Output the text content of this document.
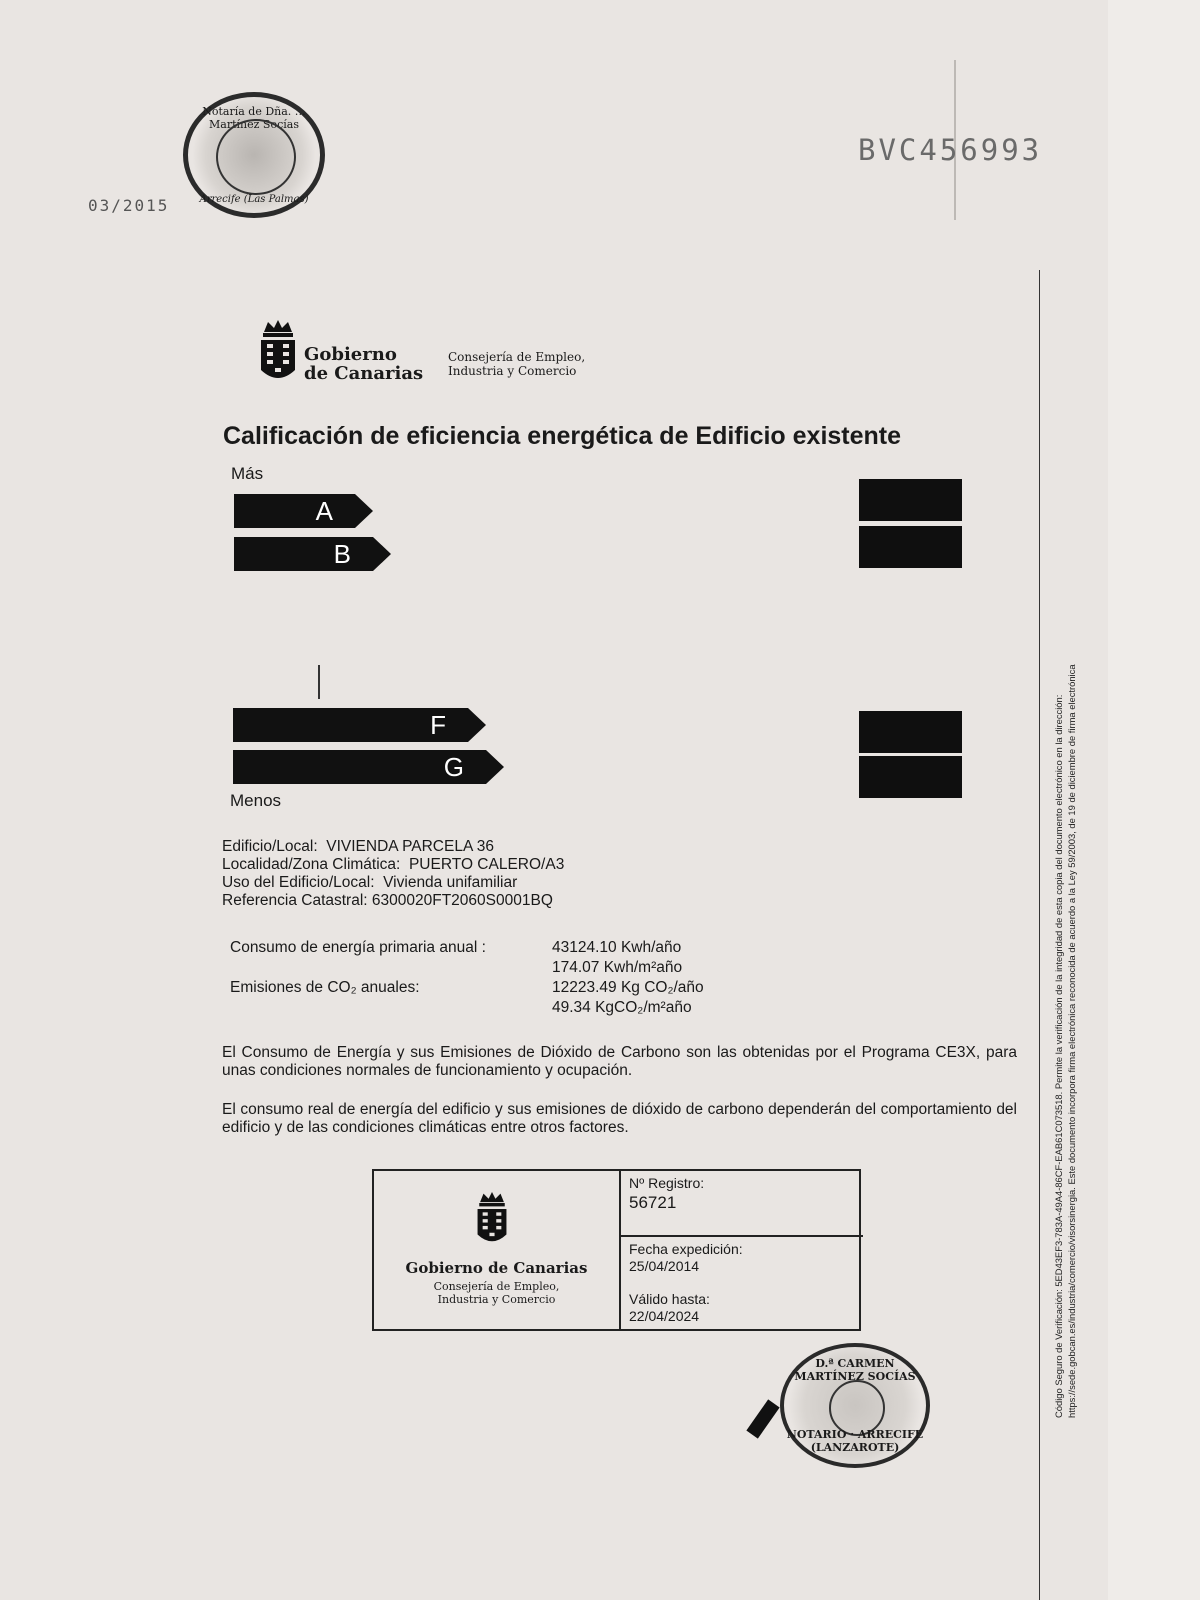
Notaría de Dña. … Martínez Socías
Arrecife (Las Palmas)
03/2015
BVC456993
Gobierno
de Canarias
Consejería de Empleo,
Industria y Comercio
Calificación de eficiencia energética de Edificio existente
Más
A
B
F
G
Menos
Edificio/Local: VIVIENDA PARCELA 36
Localidad/Zona Climática: PUERTO CALERO/A3
Uso del Edificio/Local: Vivienda unifamiliar
Referencia Catastral: 6300020FT2060S0001BQ
Consumo de energía primaria anual :	43124.10 Kwh/año
174.07 Kwh/m²año
Emisiones de CO₂ anuales:	12223.49 Kg CO₂/año
49.34 KgCO₂/m²año
El Consumo de Energía y sus Emisiones de Dióxido de Carbono son las obtenidas por el Programa CE3X, para unas condiciones normales de funcionamiento y ocupación.
El consumo real de energía del edificio y sus emisiones de dióxido de carbono dependerán del comportamiento del edificio y de las condiciones climáticas entre otros factores.
Gobierno de Canarias
Consejería de Empleo,
Industria y Comercio
Nº Registro:
56721
Fecha expedición:
25/04/2014
Válido hasta:
22/04/2024
D.ª CARMEN MARTÍNEZ SOCÍAS
NOTARIO · ARRECIFE (LANZAROTE)
Código Seguro de Verificación: 5ED43EF3-783A-49A4-86CF-EAB61C073518. Permite la verificación de la integridad de esta copia del documento electrónico en la dirección: https://sede.gobcan.es/industria/comercio/visorsinergia. Este documento incorpora firma electrónica reconocida de acuerdo a la Ley 59/2003, de 19 de diciembre de firma electrónica
